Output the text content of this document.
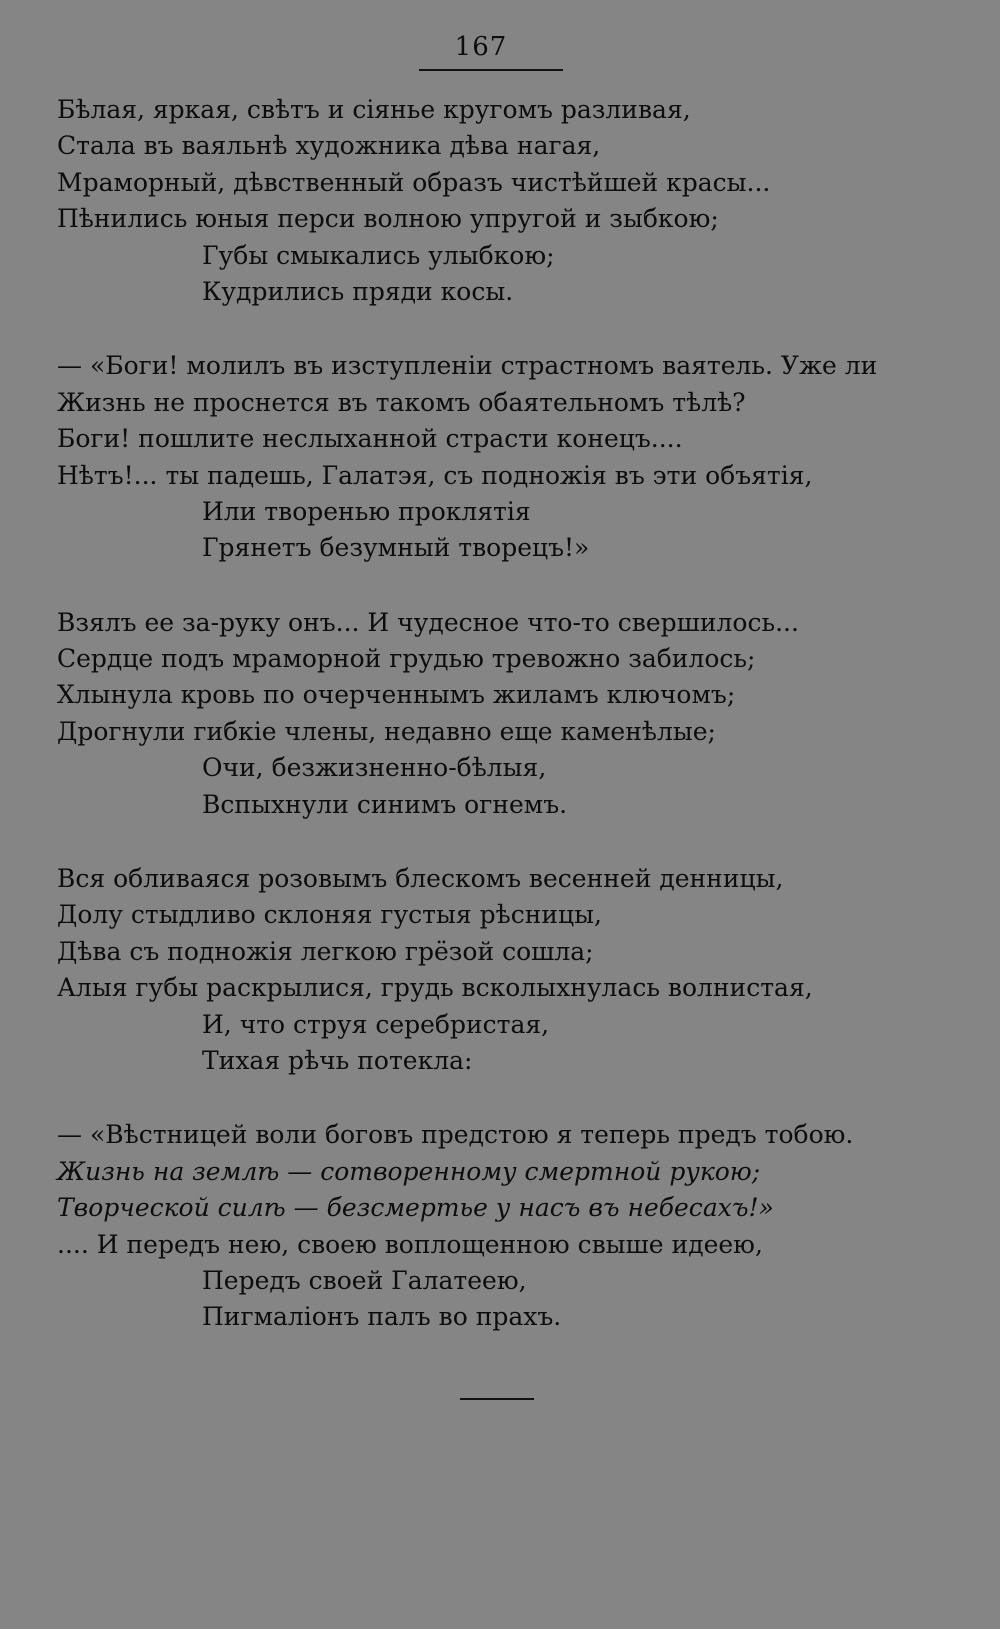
167
Бѣлая, яркая, свѣтъ и сіянье кругомъ разливая,
Стала въ ваяльнѣ художника дѣва нагая,
Мраморный, дѣвственный образъ чистѣйшей красы...
Пѣнились юныя перси волною упругой и зыбкою;
Губы смыкались улыбкою;
Кудрились пряди косы.
— «Боги! молилъ въ изступленіи страстномъ ваятель. Уже ли
Жизнь не проснется въ такомъ обаятельномъ тѣлѣ?
Боги! пошлите неслыханной страсти конецъ....
Нѣтъ!... ты падешь, Галатэя, съ подножія въ эти объятія,
Или творенью проклятія
Грянетъ безумный творецъ!»
Взялъ ее за-руку онъ... И чудесное что-то свершилось...
Сердце подъ мраморной грудью тревожно забилось;
Хлынула кровь по очерченнымъ жиламъ ключомъ;
Дрогнули гибкіе члены, недавно еще каменѣлые;
Очи, безжизненно-бѣлыя,
Вспыхнули синимъ огнемъ.
Вся обливаяся розовымъ блескомъ весенней денницы,
Долу стыдливо склоняя густыя рѣсницы,
Дѣва съ подножія легкою грёзой сошла;
Алыя губы раскрылися, грудь всколыхнулась волнистая,
И, что струя серебристая,
Тихая рѣчь потекла:
— «Вѣстницей воли боговъ предстою я теперь предъ тобою.
Жизнь на землѣ — сотворенному смертной рукою;
Творческой силѣ — безсмертье у насъ въ небесахъ!»
.... И передъ нею, своею воплощенною свыше идеею,
Передъ своей Галатеею,
Пигмаліонъ палъ во прахъ.
